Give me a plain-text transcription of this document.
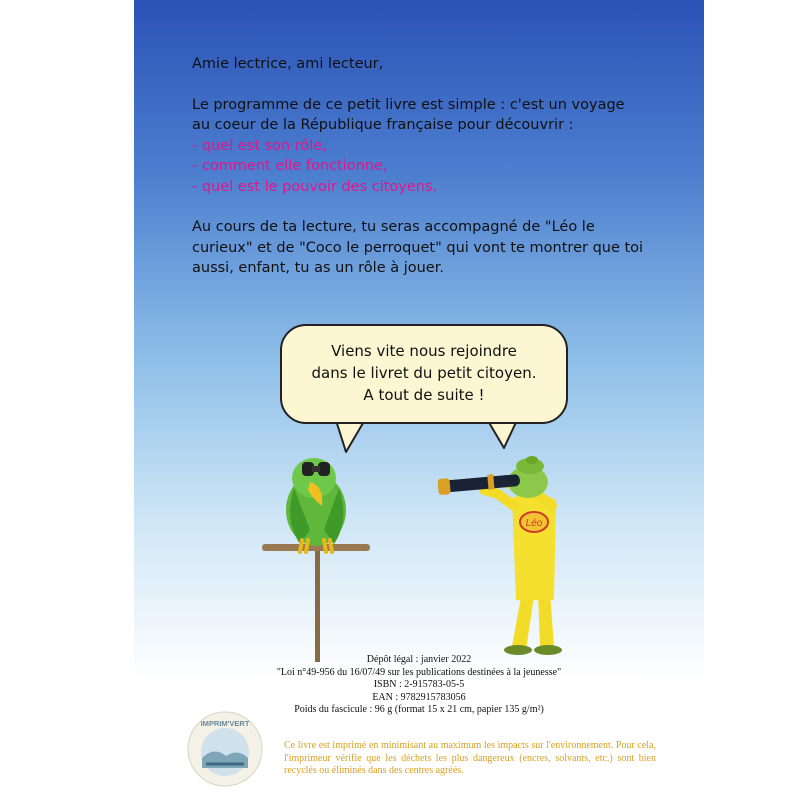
Amie lectrice, ami lecteur,

Le programme de ce petit livre est simple : c'est un voyage

au coeur de la République française pour découvrir :

- quel est son rôle,

- comment elle fonctionne,

- quel est le pouvoir des citoyens.

Au cours de ta lecture, tu seras accompagné de "Léo le

curieux" et de "Coco le perroquet" qui vont te montrer que toi

aussi, enfant, tu as un rôle à jouer.

Léo
Viens vite nous rejoindre
dans le livret du petit citoyen.
A tout de suite !
Dépôt légal : janvier 2022
"Loi n°49-956 du 16/07/49 sur les publications destinées à la jeunesse"
ISBN : 2-915783-05-5
EAN : 9782915783056
Poids du fascicule : 96 g (format 15 x 21 cm, papier 135 g/m²)
IMPRIM'VERT
Ce livre est imprimé en minimisant au maximum les impacts sur l'environnement. Pour cela, l'imprimeur vérifie que les déchets les plus dangereux (encres, solvants, etc.) sont bien recyclés ou éliminés dans des centres agréés.
